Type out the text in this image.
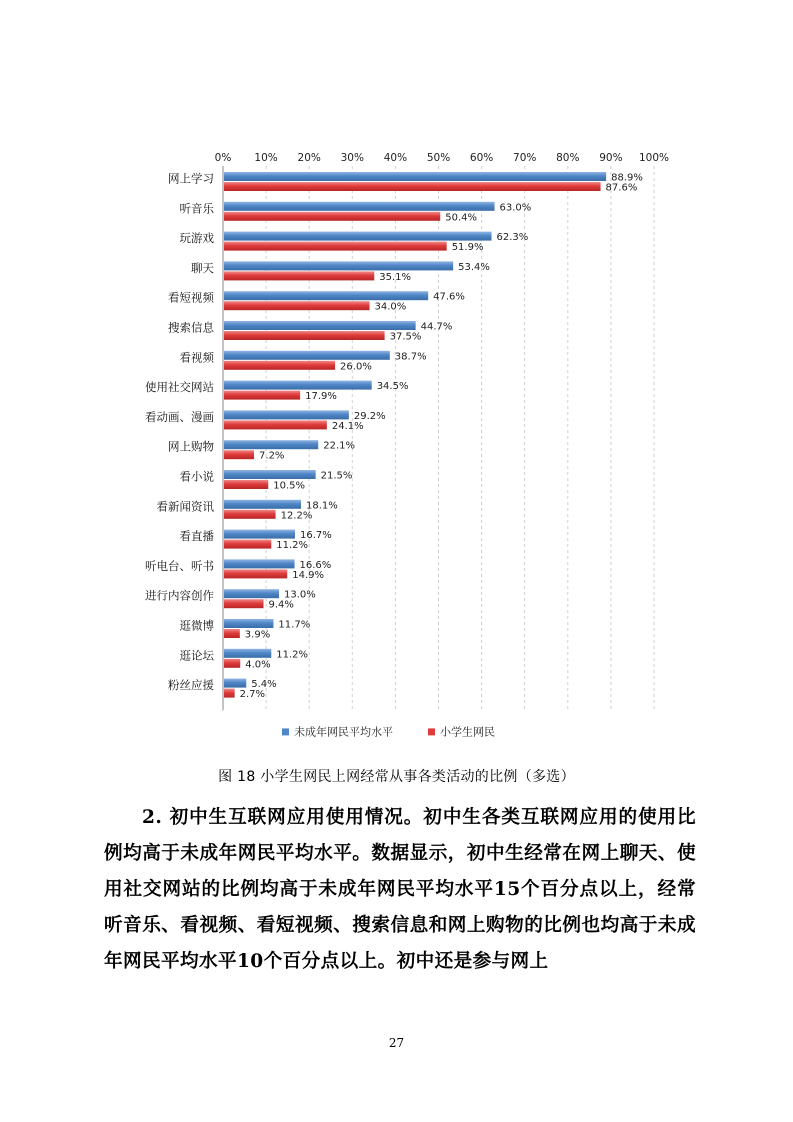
0% 10% 20% 30% 40% 50% 60% 70% 80% 90% 100%
88.9%
87.6%
63.0%
50.4%
62.3%
51.9%
53.4%
35.1%
47.6%
34.0%
44.7%
37.5%
38.7%
26.0%
34.5%
17.9%
29.2%
24.1%
22.1%
7.2%
21.5%
10.5%
18.1%
12.2%
16.7%
11.2%
16.6%
14.9%
13.0%
9.4%
11.7%
3.9%
11.2%
4.0%
5.4%
2.7%
网上学习
听音乐
玩游戏
聊天
看短视频
搜索信息
看视频
使用社交网站
看动画、漫画
网上购物
看小说
看新闻资讯
看直播
听电台、听书
进行内容创作
逛微博
逛论坛
粉丝应援
未成年网民平均水平	小学生网民
图 18 小学生网民上网经常从事各类活动的比例（多选）

2. 初中生互联网应用使用情况。初中生各类互联网应用的使用比例均高于未成年网民平均水平。数据显示，初中生经常在网上聊天、使用社交网站的比例均高于未成年网民平均水平15个百分点以上，经常听音乐、看视频、看短视频、搜索信息和网上购物的比例也均高于未成年网民平均水平10个百分点以上。初中还是参与网上

27
